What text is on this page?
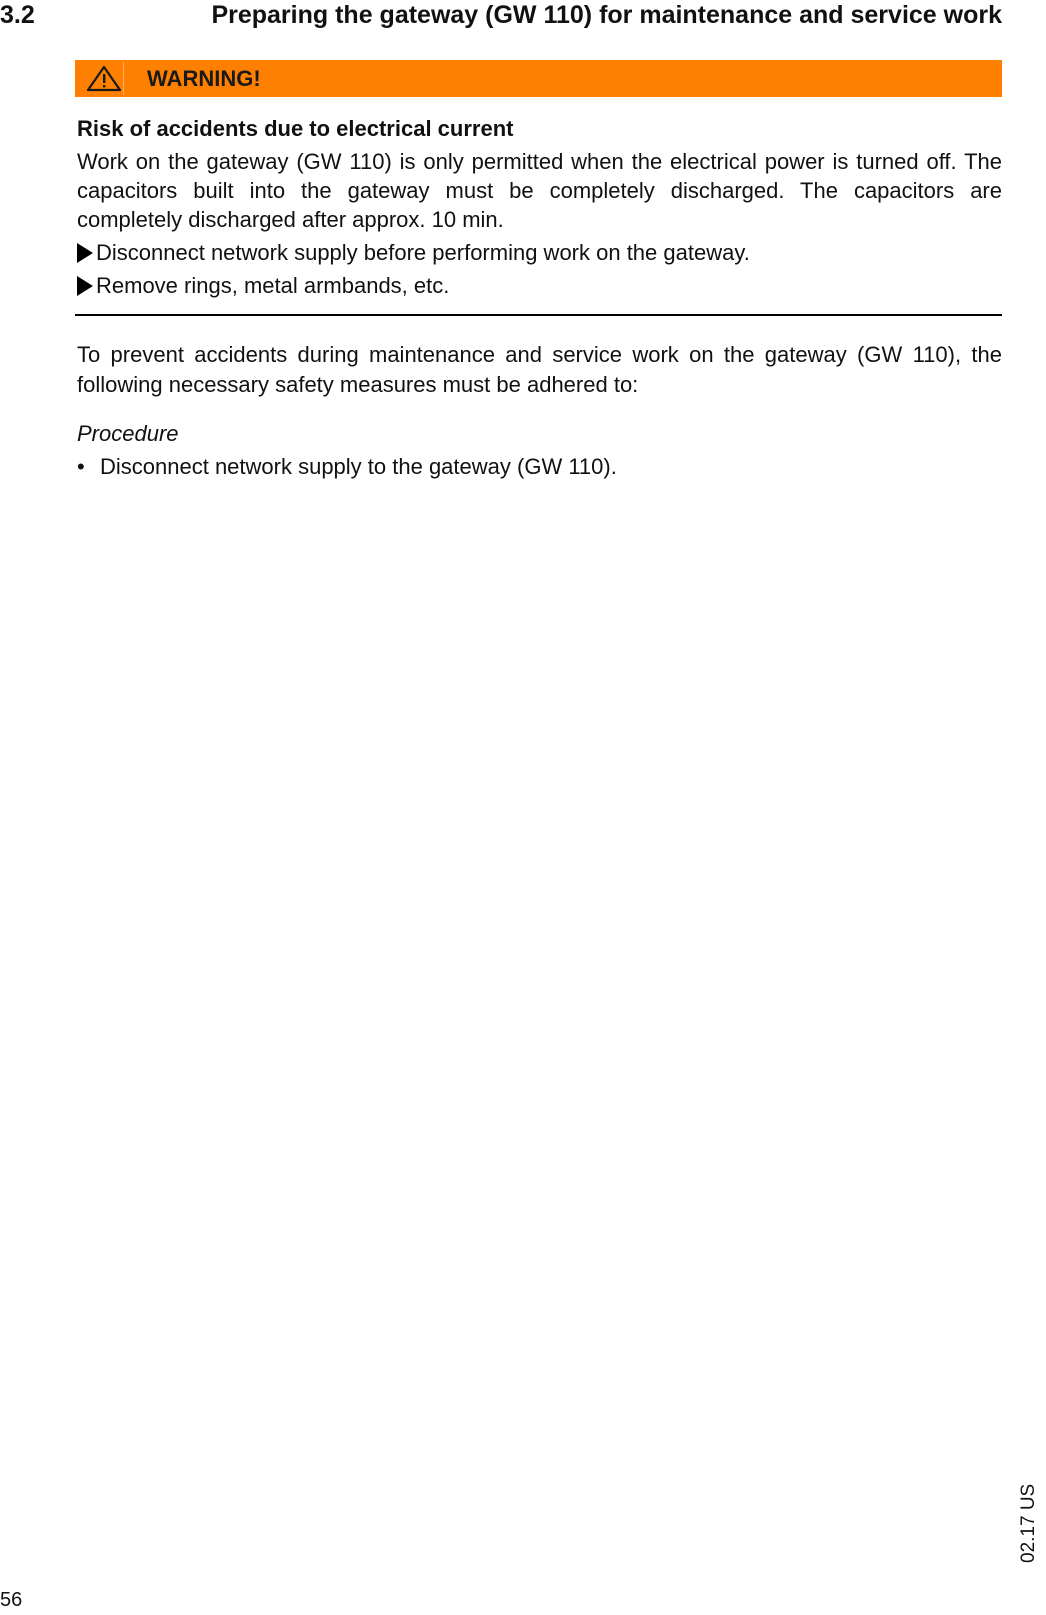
3.2	Preparing the gateway (GW 110) for maintenance and service work
WARNING!
Risk of accidents due to electrical current
Work on the gateway (GW 110) is only permitted when the electrical power is turned off. The capacitors built into the gateway must be completely discharged. The capacitors are completely discharged after approx. 10 min.
Disconnect network supply before performing work on the gateway.
Remove rings, metal armbands, etc.
To prevent accidents during maintenance and service work on the gateway (GW 110), the following necessary safety measures must be adhered to:
Procedure
• Disconnect network supply to the gateway (GW 110).
56
02.17 US
